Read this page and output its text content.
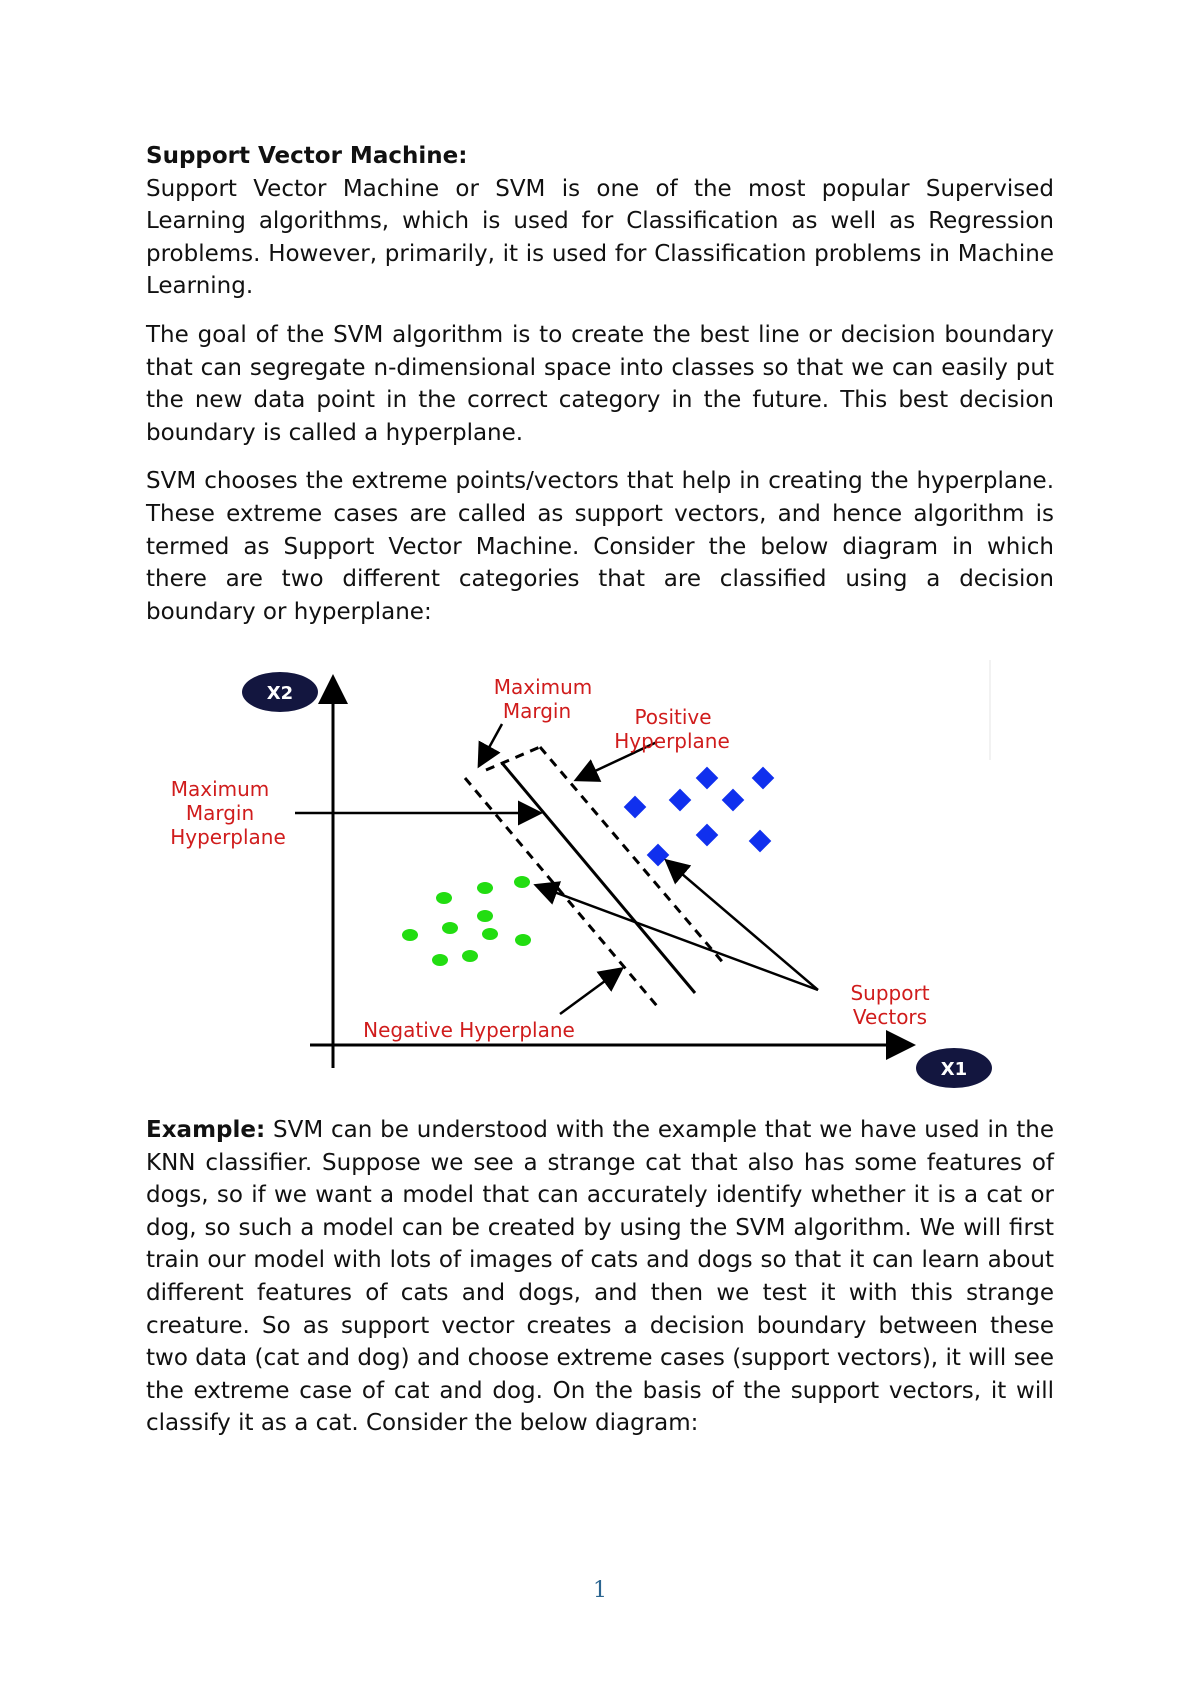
Support Vector Machine:

Support Vector Machine or SVM is one of the most popular Supervised Learning algorithms, which is used for Classification as well as Regression problems. However, primarily, it is used for Classification problems in Machine Learning.

The goal of the SVM algorithm is to create the best line or decision boundary that can segregate n-dimensional space into classes so that we can easily put the new data point in the correct category in the future. This best decision boundary is called a hyperplane.

SVM chooses the extreme points/vectors that help in creating the hyperplane. These extreme cases are called as support vectors, and hence algorithm is termed as Support Vector Machine. Consider the below diagram in which there are two different categories that are classified using a decision boundary or hyperplane:

X2
X1
Maximum
Margin	Positive
Hyperplane
Maximum
Margin
Hyperplane
Support
Vectors
Negative Hyperplane
Example: SVM can be understood with the example that we have used in the KNN classifier. Suppose we see a strange cat that also has some features of dogs, so if we want a model that can accurately identify whether it is a cat or dog, so such a model can be created by using the SVM algorithm. We will first train our model with lots of images of cats and dogs so that it can learn about different features of cats and dogs, and then we test it with this strange creature. So as support vector creates a decision boundary between these two data (cat and dog) and choose extreme cases (support vectors), it will see the extreme case of cat and dog. On the basis of the support vectors, it will classify it as a cat. Consider the below diagram:
1
